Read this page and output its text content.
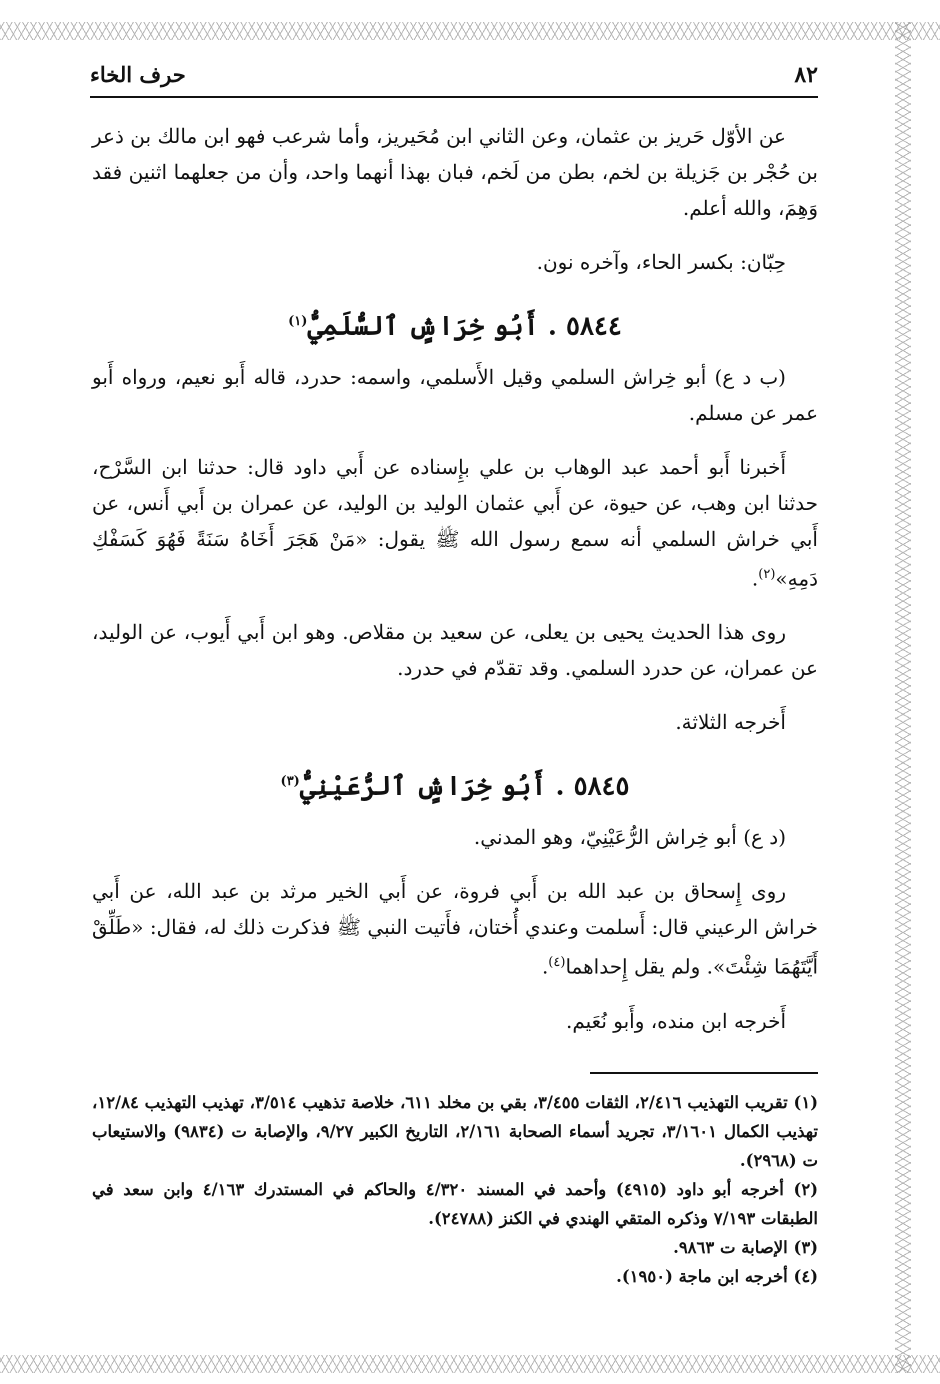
٨٢
حرف الخاء

عن الأوّل حَريز بن عثمان، وعن الثاني ابن مُحَيريز، وأما شرعب فهو ابن مالك بن ذعر بن حُجْر بن جَزيلة بن لخم، بطن من لَخم، فبان بهذا أنهما واحد، وأن من جعلهما اثنين فقد وَهِمَ، والله أعلم.

حِبّان: بكسر الحاء، وآخره نون.

٥٨٤٤ . أَبُو خِرَاشٍ ٱلسُّلَمِيُّ$^{(١)}$

(ب د ع) أبو خِراش السلمي وقيل الأَسلمي، واسمه: حدرد، قاله أَبو نعيم، ورواه أَبو عمر عن مسلم.

أَخبرنا أَبو أحمد عبد الوهاب بن علي بإِسناده عن أَبي داود قال: حدثنا ابن السَّرْح، حدثنا ابن وهب، عن حيوة، عن أَبي عثمان الوليد بن الوليد، عن عمران بن أَبي أَنس، عن أَبي خراش السلمي أنه سمع رسول الله ﷺ يقول: «مَنْ هَجَرَ أَخَاهُ سَنَةً فَهُوَ كَسَفْكِ دَمِهِ»$^{(٢)}$.

روى هذا الحديث يحيى بن يعلى، عن سعيد بن مقلاص. وهو ابن أَبي أَيوب، عن الوليد، عن عمران، عن حدرد السلمي. وقد تقدّم في حدرد.

أَخرجه الثلاثة.

٥٨٤٥ . أَبُو خِرَاشٍ ٱلرُّعَيْنِيُّ$^{(٣)}$

(د ع) أبو خِراش الرُّعَيْنِيّ، وهو المدني.

روى إِسحاق بن عبد الله بن أَبي فروة، عن أَبي الخير مرثد بن عبد الله، عن أَبي خراش الرعيني قال: أَسلمت وعندي أُختان، فأَتيت النبي ﷺ فذكرت ذلك له، فقال: «طَلِّقْ أَيَّتَهُمَا شِئْتَ». ولم يقل إِحداهما$^{(٤)}$.

أَخرجه ابن منده، وأَبو نُعَيم.

(١) تقريب التهذيب ٢/٤١٦، الثقات ٣/٤٥٥، بقي بن مخلد ٦١١، خلاصة تذهيب ٣/٥١٤، تهذيب التهذيب ١٢/٨٤، تهذيب الكمال ٣/١٦٠١، تجريد أسماء الصحابة ٢/١٦١، التاريخ الكبير ٩/٢٧، والإصابة ت (٩٨٣٤) والاستيعاب ت (٢٩٦٨).

(٢) أخرجه أبو داود (٤٩١٥) وأحمد في المسند ٤/٣٢٠ والحاكم في المستدرك ٤/١٦٣ وابن سعد في الطبقات ٧/١٩٣ وذكره المتقي الهندي في الكنز (٢٤٧٨٨).

(٣) الإصابة ت ٩٨٦٣.

(٤) أخرجه ابن ماجة (١٩٥٠).
